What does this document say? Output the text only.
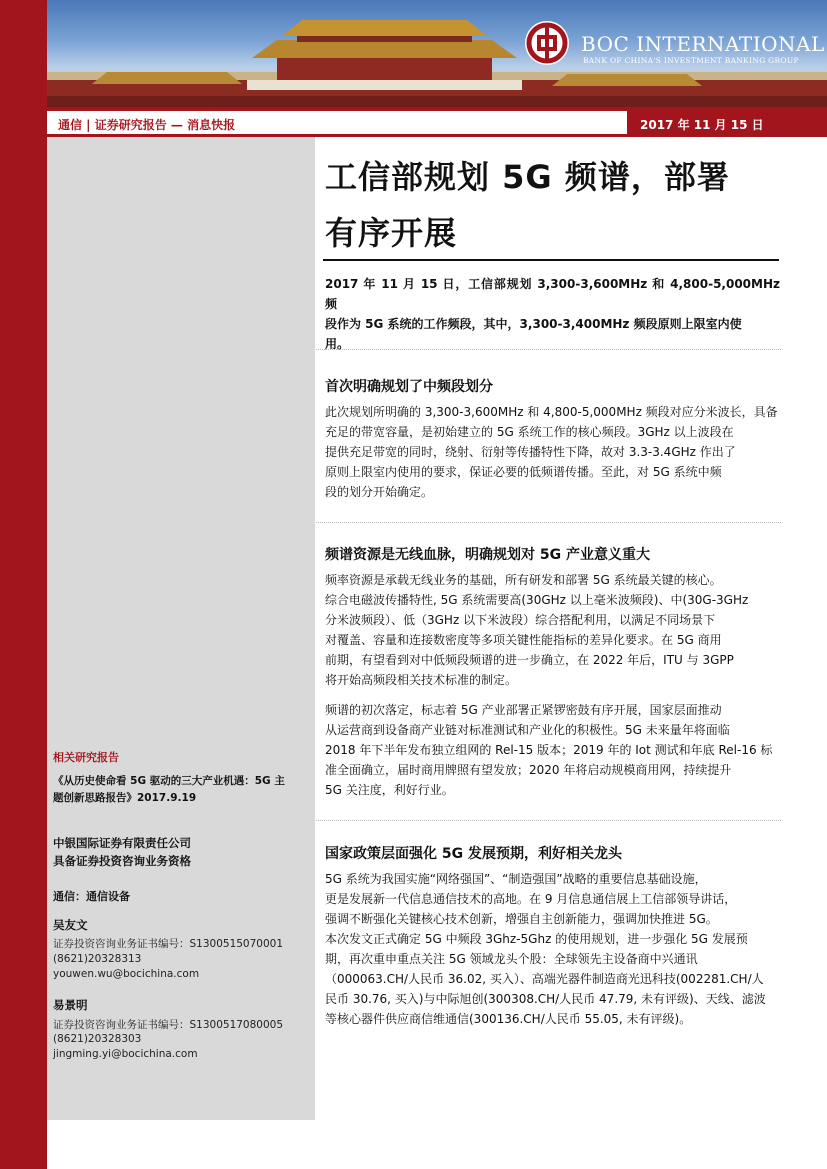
BOC INTERNATIONAL
BANK OF CHINA'S INVESTMENT BANKING GROUP
通信 | 证券研究报告 — 消息快报	2017 年 11 月 15 日
相关研究报告
《从历史使命看 5G 驱动的三大产业机遇：5G 主
题创新思路报告》2017.9.19
中银国际证券有限责任公司
具备证券投资咨询业务资格
通信：通信设备
吴友文
证券投资咨询业务证书编号：S1300515070001
(8621)20328313
youwen.wu@bocichina.com
易景明
证券投资咨询业务证书编号：S1300517080005
(8621)20328303
jingming.yi@bocichina.com
工信部规划 5G 频谱，部署
有序开展
2017 年 11 月 15 日，工信部规划 3,300-3,600MHz 和 4,800-5,000MHz 频
段作为 5G 系统的工作频段，其中，3,300-3,400MHz 频段原则上限室内使
用。
首次明确规划了中频段划分
此次规划所明确的 3,300-3,600MHz 和 4,800-5,000MHz 频段对应分米波长，具备
充足的带宽容量，是初始建立的 5G 系统工作的核心频段。3GHz 以上波段在
提供充足带宽的同时，绕射、衍射等传播特性下降，故对 3.3-3.4GHz 作出了
原则上限室内使用的要求，保证必要的低频谱传播。至此，对 5G 系统中频
段的划分开始确定。
频谱资源是无线血脉，明确规划对 5G 产业意义重大
频率资源是承载无线业务的基础，所有研发和部署 5G 系统最关键的核心。
综合电磁波传播特性, 5G 系统需要高(30GHz 以上毫米波频段)、中(30G-3GHz
分米波频段）、低（3GHz 以下米波段）综合搭配利用，以满足不同场景下
对覆盖、容量和连接数密度等多项关键性能指标的差异化要求。在 5G 商用
前期，有望看到对中低频段频谱的进一步确立，在 2022 年后，ITU 与 3GPP
将开始高频段相关技术标准的制定。
频谱的初次落定，标志着 5G 产业部署正紧锣密鼓有序开展，国家层面推动
从运营商到设备商产业链对标准测试和产业化的积极性。5G 未来量年将面临
2018 年下半年发布独立组网的 Rel-15 版本；2019 年的 Iot 测试和年底 Rel-16 标
准全面确立，届时商用牌照有望发放；2020 年将启动规模商用网，持续提升
5G 关注度，利好行业。
国家政策层面强化 5G 发展预期，利好相关龙头
5G 系统为我国实施“网络强国”、“制造强国”战略的重要信息基础设施，
更是发展新一代信息通信技术的高地。在 9 月信息通信展上工信部领导讲话，
强调不断强化关键核心技术创新，增强自主创新能力，强调加快推进 5G。
本次发文正式确定 5G 中频段 3Ghz-5Ghz 的使用规划，进一步强化 5G 发展预
期，再次重申重点关注 5G 领域龙头个股：全球领先主设备商中兴通讯
（000063.CH/人民币 36.02, 买入）、高端光器件制造商光迅科技(002281.CH/人
民币 30.76, 买入)与中际旭创(300308.CH/人民币 47.79, 未有评级)、天线、滤波
等核心器件供应商信维通信(300136.CH/人民币 55.05, 未有评级)。
